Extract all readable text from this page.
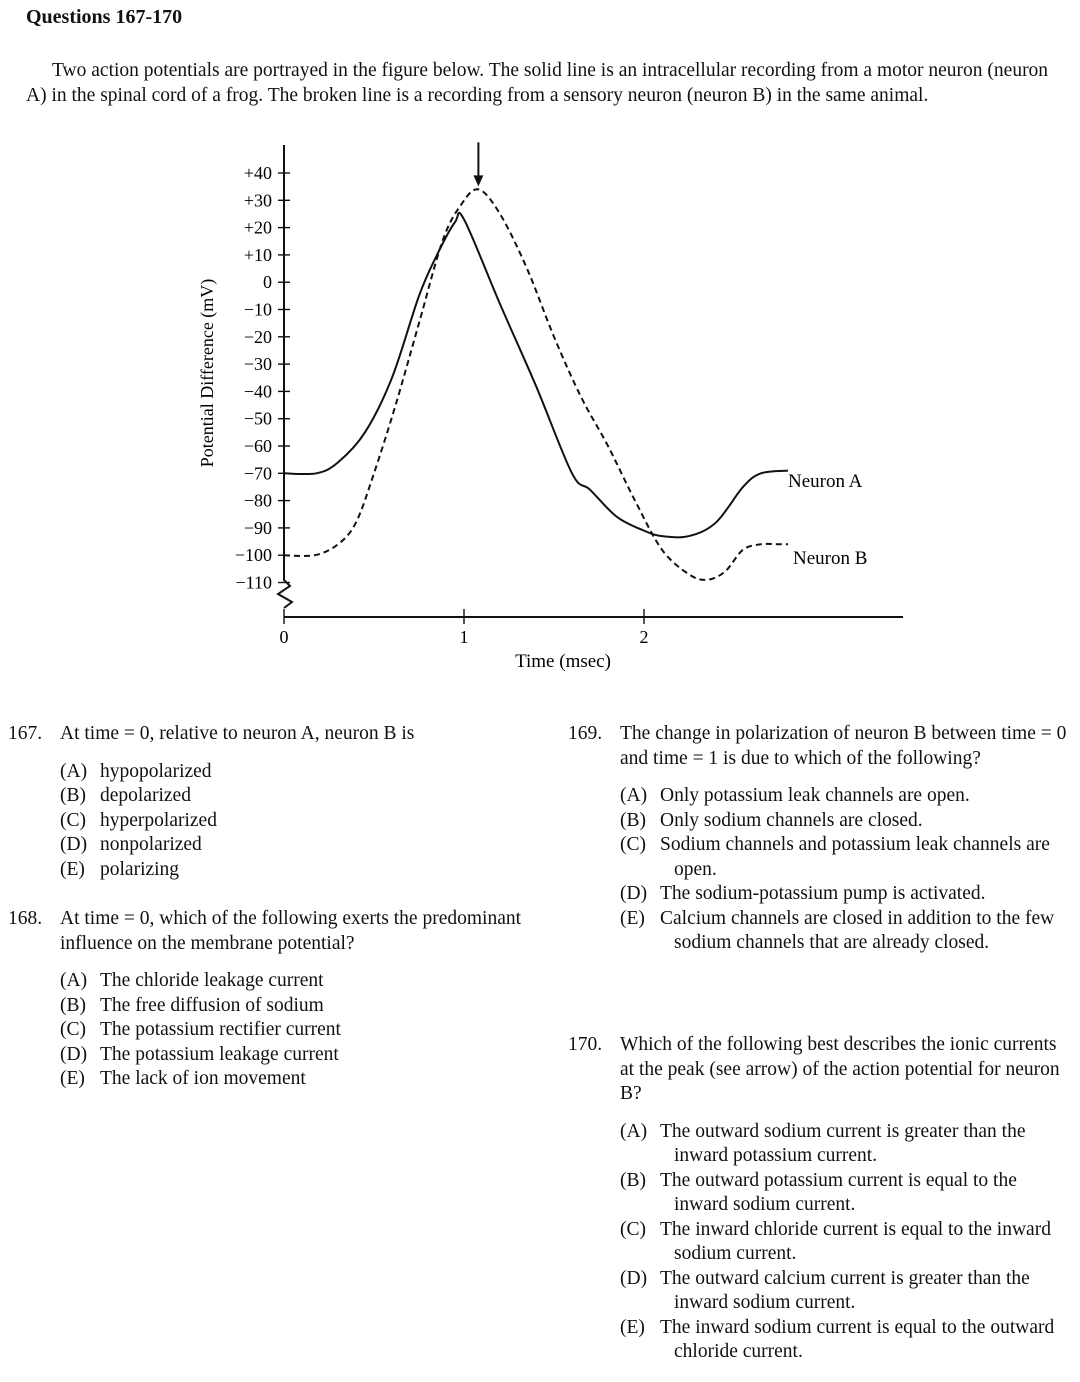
Questions 167-170
Two action potentials are portrayed in the figure below. The solid line is an intracellular recording from a motor neuron (neuron A) in the spinal cord of a frog. The broken line is a recording from a sensory neuron (neuron B) in the same animal.
+40
+30
+20
+10
0
−10
−20
−30
−40
−50
−60
−70
−80
−90
−100
−110
0	1	2
Potential Difference (mV)
Time (msec)
Neuron A
Neuron B
167. At time = 0, relative to neuron A, neuron B is
(A) hypopolarized
(B) depolarized
(C) hyperpolarized
(D) nonpolarized
(E) polarizing
168. At time = 0, which of the following exerts the predominant influence on the membrane potential?
(A) The chloride leakage current
(B) The free diffusion of sodium
(C) The potassium rectifier current
(D) The potassium leakage current
(E) The lack of ion movement
169. The change in polarization of neuron B between time = 0 and time = 1 is due to which of the following?
(A) Only potassium leak channels are open.
(B) Only sodium channels are closed.
(C) Sodium channels and potassium leak channels are open.
(D) The sodium-potassium pump is activated.
(E) Calcium channels are closed in addition to the few sodium channels that are already closed.
170. Which of the following best describes the ionic currents at the peak (see arrow) of the action potential for neuron B?
(A) The outward sodium current is greater than the inward potassium current.
(B) The outward potassium current is equal to the inward sodium current.
(C) The inward chloride current is equal to the inward sodium current.
(D) The outward calcium current is greater than the inward sodium current.
(E) The inward sodium current is equal to the outward chloride current.
